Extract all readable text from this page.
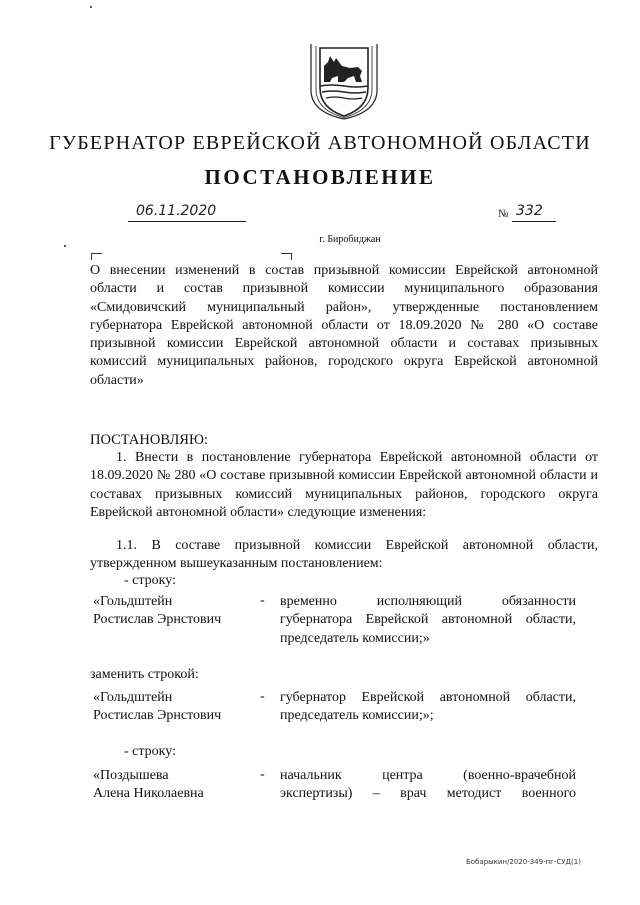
ГУБЕРНАТОР ЕВРЕЙСКОЙ АВТОНОМНОЙ ОБЛАСТИ
ПОСТАНОВЛЕНИЕ
06.11.2020	№ 332
г. Биробиджан
О внесении изменений в состав призывной комиссии Еврейской автономной области и состав призывной комиссии муниципального образования «Смидовичский муниципальный район», утвержденные постановлением губернатора Еврейской автономной области от 18.09.2020 № 280 «О составе призывной комиссии Еврейской автономной области и составах призывных комиссий муниципальных районов, городского округа Еврейской автономной области»
ПОСТАНОВЛЯЮ:
1. Внести в постановление губернатора Еврейской автономной области от 18.09.2020 № 280 «О составе призывной комиссии Еврейской автономной области и составах призывных комиссий муниципальных районов, городского округа Еврейской автономной области» следующие изменения:
1.1. В составе призывной комиссии Еврейской автономной области, утвержденном вышеуказанным постановлением:
- строку:
«Гольдштейн
Ростислав Эрнстович
- временно исполняющий обязанности губернатора Еврейской автономной области,
председатель комиссии;»
заменить строкой:
«Гольдштейн
Ростислав Эрнстович
- губернатор Еврейской автономной области,
председатель комиссии;»;
- строку:
«Поздышева
Алена Николаевна
- начальник центра (военно-врачебной
экспертизы) – врач методист военного
Бобарыкин/2020-349-пг-СУД(1)
